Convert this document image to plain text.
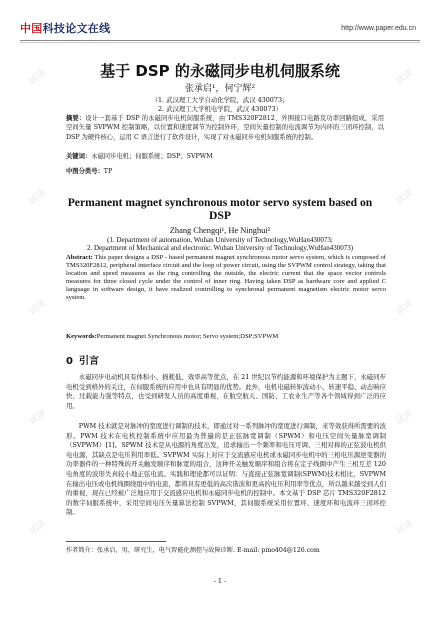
中国科技论文在线	http://www.paper.edu.cn
基于 DSP 的永磁同步电机伺服系统
张承启¹，何宁辉²
（1. 武汉理工大学自动化学院，武汉 430073；
2. 武汉理工大学机电学院，武汉 430073）
摘要：设计一套基于 DSP 的永磁同步电机伺服系统，由 TMS320F2812、外围接口电路及功率回路组成，采用空间矢量 SVPWM 控制策略，以位置和速度调节为控制外环，空间矢量控制的电流调节为内环的三闭环控制，以 DSP 为硬件核心，运用 C 语言进行了软件设计，实现了对永磁同步电机伺服系统的控制。
关键词：永磁同步电机；伺服系统；DSP；SVPWM
中图分类号：TP
Permanent magnet synchronous motor servo system based on DSP
Zhang Chengqi¹, He Ninghui²
(1. Department of automation, Wuhan University of Technology,WuHan430073;
2. Department of Mechanical and electronic. Wuhan University of Technology,WuHan430073)
Abstract: This paper designs a DSP - based permanent magnet synchronous motor servo system, which is composed of TMS320F2812, peripheral interface circuit and the loop of power circuit, using the SVPWM control strategy, taking that location and speed measures as the ring controlling the outside, the electric current that the space vector controls measures for three closed cycle under the control of inner ring. Having taken DSP as hardware core and applied C language in software design, it have realized controlling to synchronal permanent magnetism electric motor servo system.
Keywords:Permanent magnet Synchronous motor; Servo system;DSP;SVPWM
0 引言
永磁同步电动机具有体积小、损耗低、效率高等优点，在 21 世纪以节约能源和环境保护为主题下，永磁同步电机受到格外的关注，在伺服系统的应用中也具有明显的优势。此外，电机电磁转矩波动小、转速平稳、动态响应快、过载能力强等特点，也受到研发人员的高度重视，在航空航天、国防、工农业生产等各个领域得到广泛的应用。
PWM 技术就是对脉冲的宽度进行调制的技术，即通过对一系列脉冲的宽度进行调制，来等效获得所需要的波形。PWM 技术在电机控制系统中应用最为普遍的是正弦脉宽调制（SPWM）和电压空间矢量脉宽调制（SVPWM）[1]。SPWM 技术是从电源的角度出发，追求输出一个频率和电压可调、三相对称的正弦波电机供电电源，其缺点是电压利用率低。SVPWM 实际上对应于交流感应电机或永磁同步电机中的三相电压源逆变器的功率器件的一种特殊的开关触发顺序和脉宽的组合，这种开关触发顺序和组合将在定子线圈中产生三相互差 120 电角度的波形失真较小地正弦电流。实践和理论都可以证明：与直接正弦脉宽调制(SPWM)技术相比，SVPWM 在输出电压或电机线圈绕组中的电流，都将具有更低的高次谐波和更高的电压利用率等优点，所以越来越受到人们的重视，现在已经被广泛地应用于交流感应电机和永磁同步电机的控制中。本文基于 DSP 芯片 TMS320F2812 的数字伺服系统中，采用空间电压矢量算法控制 SVPWM，其伺服系统采用位置环、速度环和电流环三闭环控制。
作者简介：张承启，男，研究生，电气智能化测控与故障诊断. E-mail: pino404@126.com
- 1 -
试读	试读
试读	试读
试读	试读
试读	试读
试读	试读
